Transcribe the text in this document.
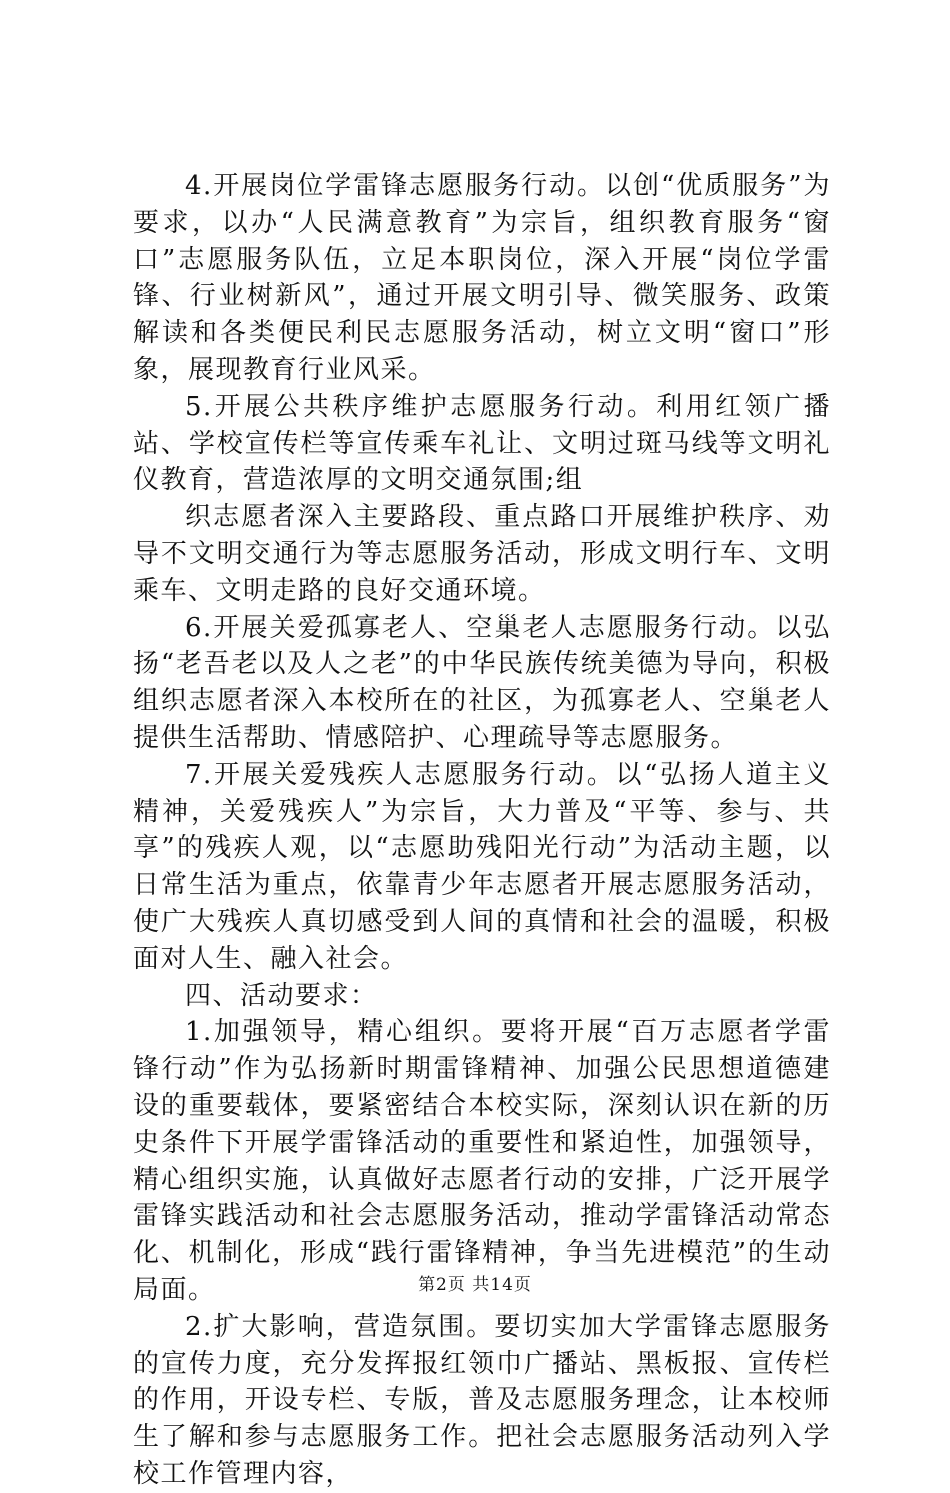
4.开展岗位学雷锋志愿服务行动。以创“优质服务”为要求，以办“人民满意教育”为宗旨，组织教育服务“窗口”志愿服务队伍，立足本职岗位，深入开展“岗位学雷锋、行业树新风”，通过开展文明引导、微笑服务、政策解读和各类便民利民志愿服务活动，树立文明“窗口”形象，展现教育行业风采。

5.开展公共秩序维护志愿服务行动。利用红领广播站、学校宣传栏等宣传乘车礼让、文明过斑马线等文明礼仪教育，营造浓厚的文明交通氛围;组

织志愿者深入主要路段、重点路口开展维护秩序、劝导不文明交通行为等志愿服务活动，形成文明行车、文明乘车、文明走路的良好交通环境。

6.开展关爱孤寡老人、空巢老人志愿服务行动。以弘扬“老吾老以及人之老”的中华民族传统美德为导向，积极组织志愿者深入本校所在的社区，为孤寡老人、空巢老人提供生活帮助、情感陪护、心理疏导等志愿服务。

7.开展关爱残疾人志愿服务行动。以“弘扬人道主义精神，关爱残疾人”为宗旨，大力普及“平等、参与、共享”的残疾人观，以“志愿助残阳光行动”为活动主题，以日常生活为重点，依靠青少年志愿者开展志愿服务活动，使广大残疾人真切感受到人间的真情和社会的温暖，积极面对人生、融入社会。

四、活动要求：

1.加强领导，精心组织。要将开展“百万志愿者学雷锋行动”作为弘扬新时期雷锋精神、加强公民思想道德建设的重要载体，要紧密结合本校实际，深刻认识在新的历史条件下开展学雷锋活动的重要性和紧迫性，加强领导，精心组织实施，认真做好志愿者行动的安排，广泛开展学雷锋实践活动和社会志愿服务活动，推动学雷锋活动常态化、机制化，形成“践行雷锋精神，争当先进模范”的生动局面。

2.扩大影响，营造氛围。要切实加大学雷锋志愿服务的宣传力度，充分发挥报红领巾广播站、黑板报、宣传栏的作用，开设专栏、专版，普及志愿服务理念，让本校师生了解和参与志愿服务工作。把社会志愿服务活动列入学校工作管理内容，

第2页 共14页
